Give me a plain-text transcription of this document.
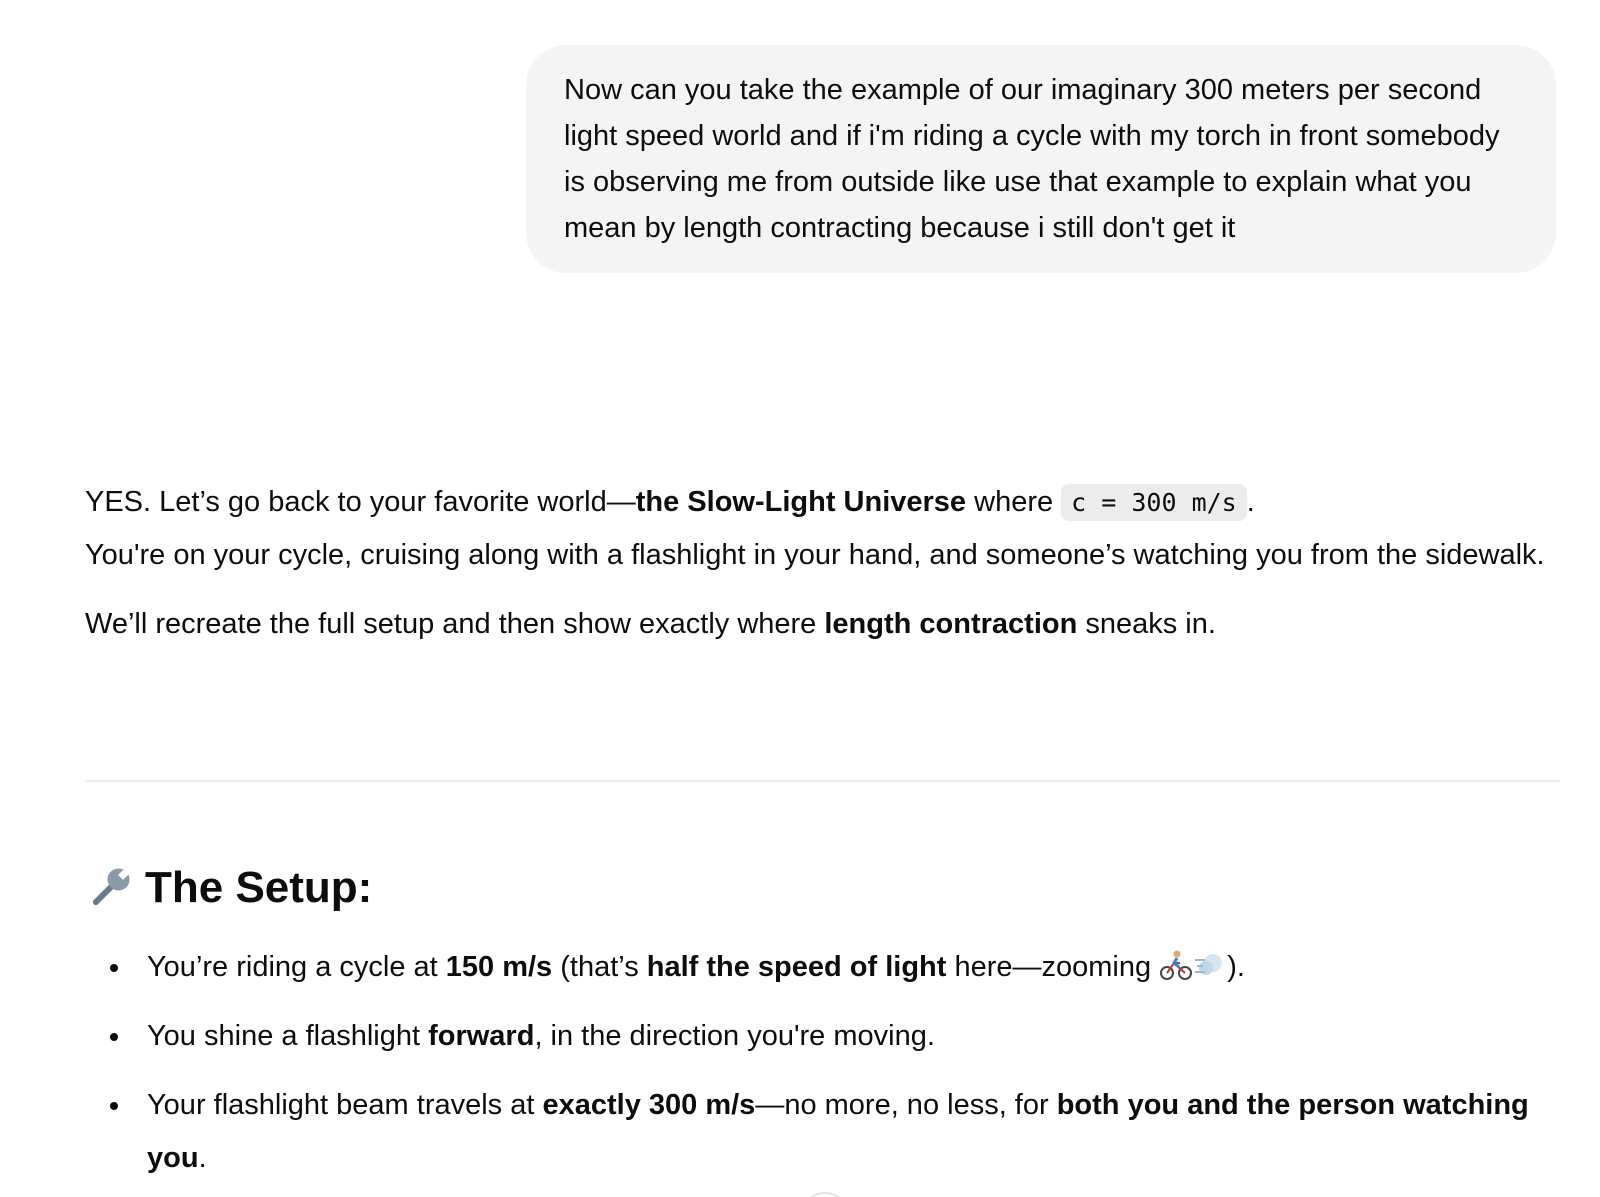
Now can you take the example of our imaginary 300 meters per second light speed world and if i'm riding a cycle with my torch in front somebody is observing me from outside like use that example to explain what you mean by length contracting because i still don't get it

YES. Let’s go back to your favorite world—the Slow-Light Universe where c = 300 m/s .
You're on your cycle, cruising along with a flashlight in your hand, and someone’s watching you from the sidewalk.

We’ll recreate the full setup and then show exactly where length contraction sneaks in.

The Setup:
You’re riding a cycle at 150 m/s (that’s half the speed of light here—zooming ).
You shine a flashlight forward, in the direction you're moving.
Your flashlight beam travels at exactly 300 m/s—no more, no less, for both you and the person watching you.
